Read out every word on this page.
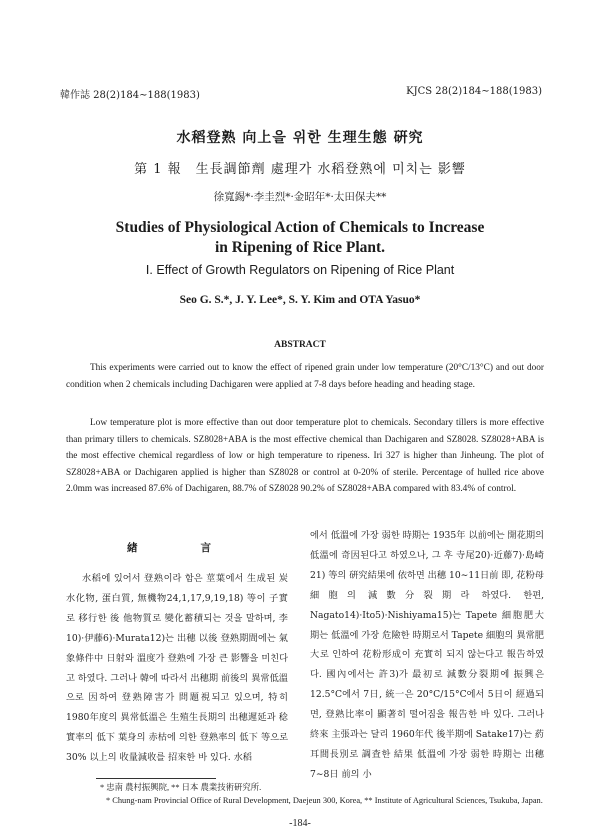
韓作誌 28(2)184∼188(1983)	KJCS 28(2)184∼188(1983)
水稻登熟 向上을 위한 生理生態 硏究
第 1 報　生長調節劑 處理가 水稻登熟에 미치는 影響
徐寬錫*·李圭烈*·金昭年*·太田保夫**
Studies of Physiological Action of Chemicals to Increase
in Ripening of Rice Plant.
Ⅰ. Effect of Growth Regulators on Ripening of Rice Plant
Seo G. S.*, J. Y. Lee*, S. Y. Kim and OTA Yasuo*
ABSTRACT
This experiments were carried out to know the effect of ripened grain under low temperature (20°C/13°C) and out door condition when 2 chemicals including Dachigaren were applied at 7-8 days before heading and heading stage.
Low temperature plot is more effective than out door temperature plot to chemicals. Secondary tillers is more effective than primary tillers to chemicals. SZ8028+ABA is the most effective chemical than Dachigaren and SZ8028. SZ8028+ABA is the most effective chemical regardless of low or high temperature to ripeness. Iri 327 is higher than Jinheung. The plot of SZ8028+ABA or Dachigaren applied is higher than SZ8028 or control at 0-20% of sterile. Percentage of hulled rice above 2.0mm was increased 87.6% of Dachigaren, 88.7% of SZ8028 90.2% of SZ8028+ABA compared with 83.4% of control.
緖　　言
水稻에 있어서 登熟이라 함은 莖葉에서 生成된 炭水化物, 蛋白質, 無機物24,1,17,9,19,18) 等이 子實로 移行한 後 他物質로 變化蓄積되는 것을 말하며, 李10)·伊藤6)·Murata12)는 出穗 以後 登熟期間에는 氣象條件中 日射와 溫度가 登熟에 가장 큰 影響을 미친다고 하였다. 그러나 韓에 따라서 出穗期 前後의 異常低溫으로 因하여 登熟障害가 問題視되고 있으며, 特히 1980年度의 異常低溫은 生殖生長期의 出穗遲延과 稔實率의 低下 葉身의 赤枯에 의한 登熟率의 低下 等으로 30% 以上의 收量減收를 招來한 바 있다. 水稻
에서 低溫에 가장 弱한 時期는 1935年 以前에는 開花期의 低溫에 奇因된다고 하였으나, 그 후 寺尾20)·近藤7)·島崎21) 等의 硏究結果에 依하면 出穗 10∼11日前 即, 花粉母細胞의 減數分裂期라 하였다. 한편, Nagato14)·Ito5)·Nishiyama15)는 Tapete 細胞肥大期는 低溫에 가장 危險한 時期로서 Tapete 細胞의 異常肥大로 인하여 花粉形成이 充實히 되지 않는다고 報告하였다. 國內에서는 許3)가 最初로 減數分裂期에 振興은 12.5°C에서 7日, 統一은 20°C/15°C에서 5日이 經過되면, 登熟比率이 顯著히 떨어짐을 報告한 바 있다. 그러나 終來 主張과는 달리 1960年代 後半期에 Satake17)는 葯耳間長別로 調査한 結果 低溫에 가장 弱한 時期는 出穗 7∼8日 前의 小
* 忠南 農村振興院, ** 日本 農業技術硏究所.
* Chung-nam Provincial Office of Rural Development, Daejeun 300, Korea, ** Institute of Agricultural Sciences, Tsukuba, Japan.
-184-
